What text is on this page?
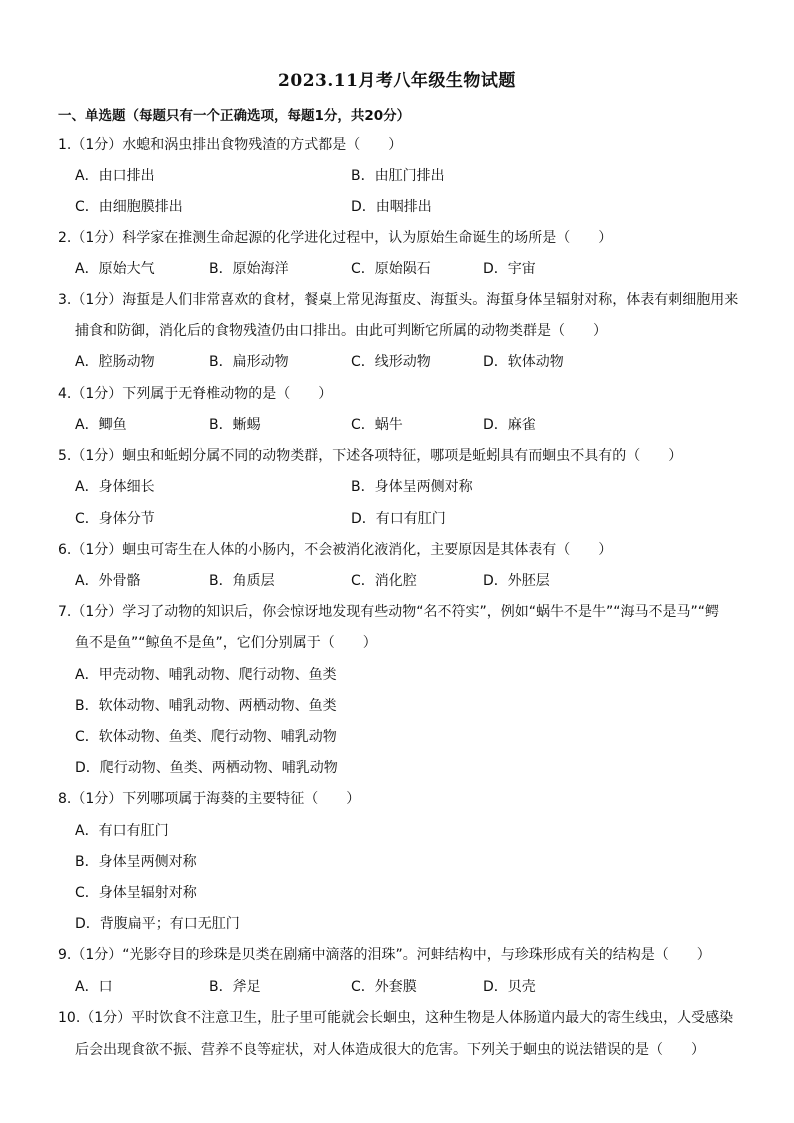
2023.11月考八年级生物试题
一、单选题（每题只有一个正确选项，每题1分，共20分）
1.（1分）水螅和涡虫排出食物残渣的方式都是（　　）
A．由口排出	B．由肛门排出
C．由细胞膜排出	D．由咽排出
2.（1分）科学家在推测生命起源的化学进化过程中，认为原始生命诞生的场所是（　　）
A．原始大气	B．原始海洋	C．原始陨石	D．宇宙
3.（1分）海蜇是人们非常喜欢的食材，餐桌上常见海蜇皮、海蜇头。海蜇身体呈辐射对称，体表有刺细胞用来
捕食和防御，消化后的食物残渣仍由口排出。由此可判断它所属的动物类群是（　　）
A．腔肠动物	B．扁形动物	C．线形动物	D．软体动物
4.（1分）下列属于无脊椎动物的是（　　）
A．鲫鱼	B．蜥蜴	C．蜗牛	D．麻雀
5.（1分）蛔虫和蚯蚓分属不同的动物类群，下述各项特征，哪项是蚯蚓具有而蛔虫不具有的（　　）
A．身体细长	B．身体呈两侧对称
C．身体分节	D．有口有肛门
6.（1分）蛔虫可寄生在人体的小肠内，不会被消化液消化，主要原因是其体表有（　　）
A．外骨骼	B．角质层	C．消化腔	D．外胚层
7.（1分）学习了动物的知识后，你会惊讶地发现有些动物“名不符实”，例如“蜗牛不是牛”“海马不是马”“鳄
鱼不是鱼”“鲸鱼不是鱼”，它们分别属于（　　）
A．甲壳动物、哺乳动物、爬行动物、鱼类
B．软体动物、哺乳动物、两栖动物、鱼类
C．软体动物、鱼类、爬行动物、哺乳动物
D．爬行动物、鱼类、两栖动物、哺乳动物
8.（1分）下列哪项属于海葵的主要特征（　　）
A．有口有肛门
B．身体呈两侧对称
C．身体呈辐射对称
D．背腹扁平；有口无肛门
9.（1分）“光影夺目的珍珠是贝类在剧痛中滴落的泪珠”。河蚌结构中，与珍珠形成有关的结构是（　　）
A．口	B．斧足	C．外套膜	D．贝壳
10.（1分）平时饮食不注意卫生，肚子里可能就会长蛔虫，这种生物是人体肠道内最大的寄生线虫，人受感染
后会出现食欲不振、营养不良等症状，对人体造成很大的危害。下列关于蛔虫的说法错误的是（　　）
